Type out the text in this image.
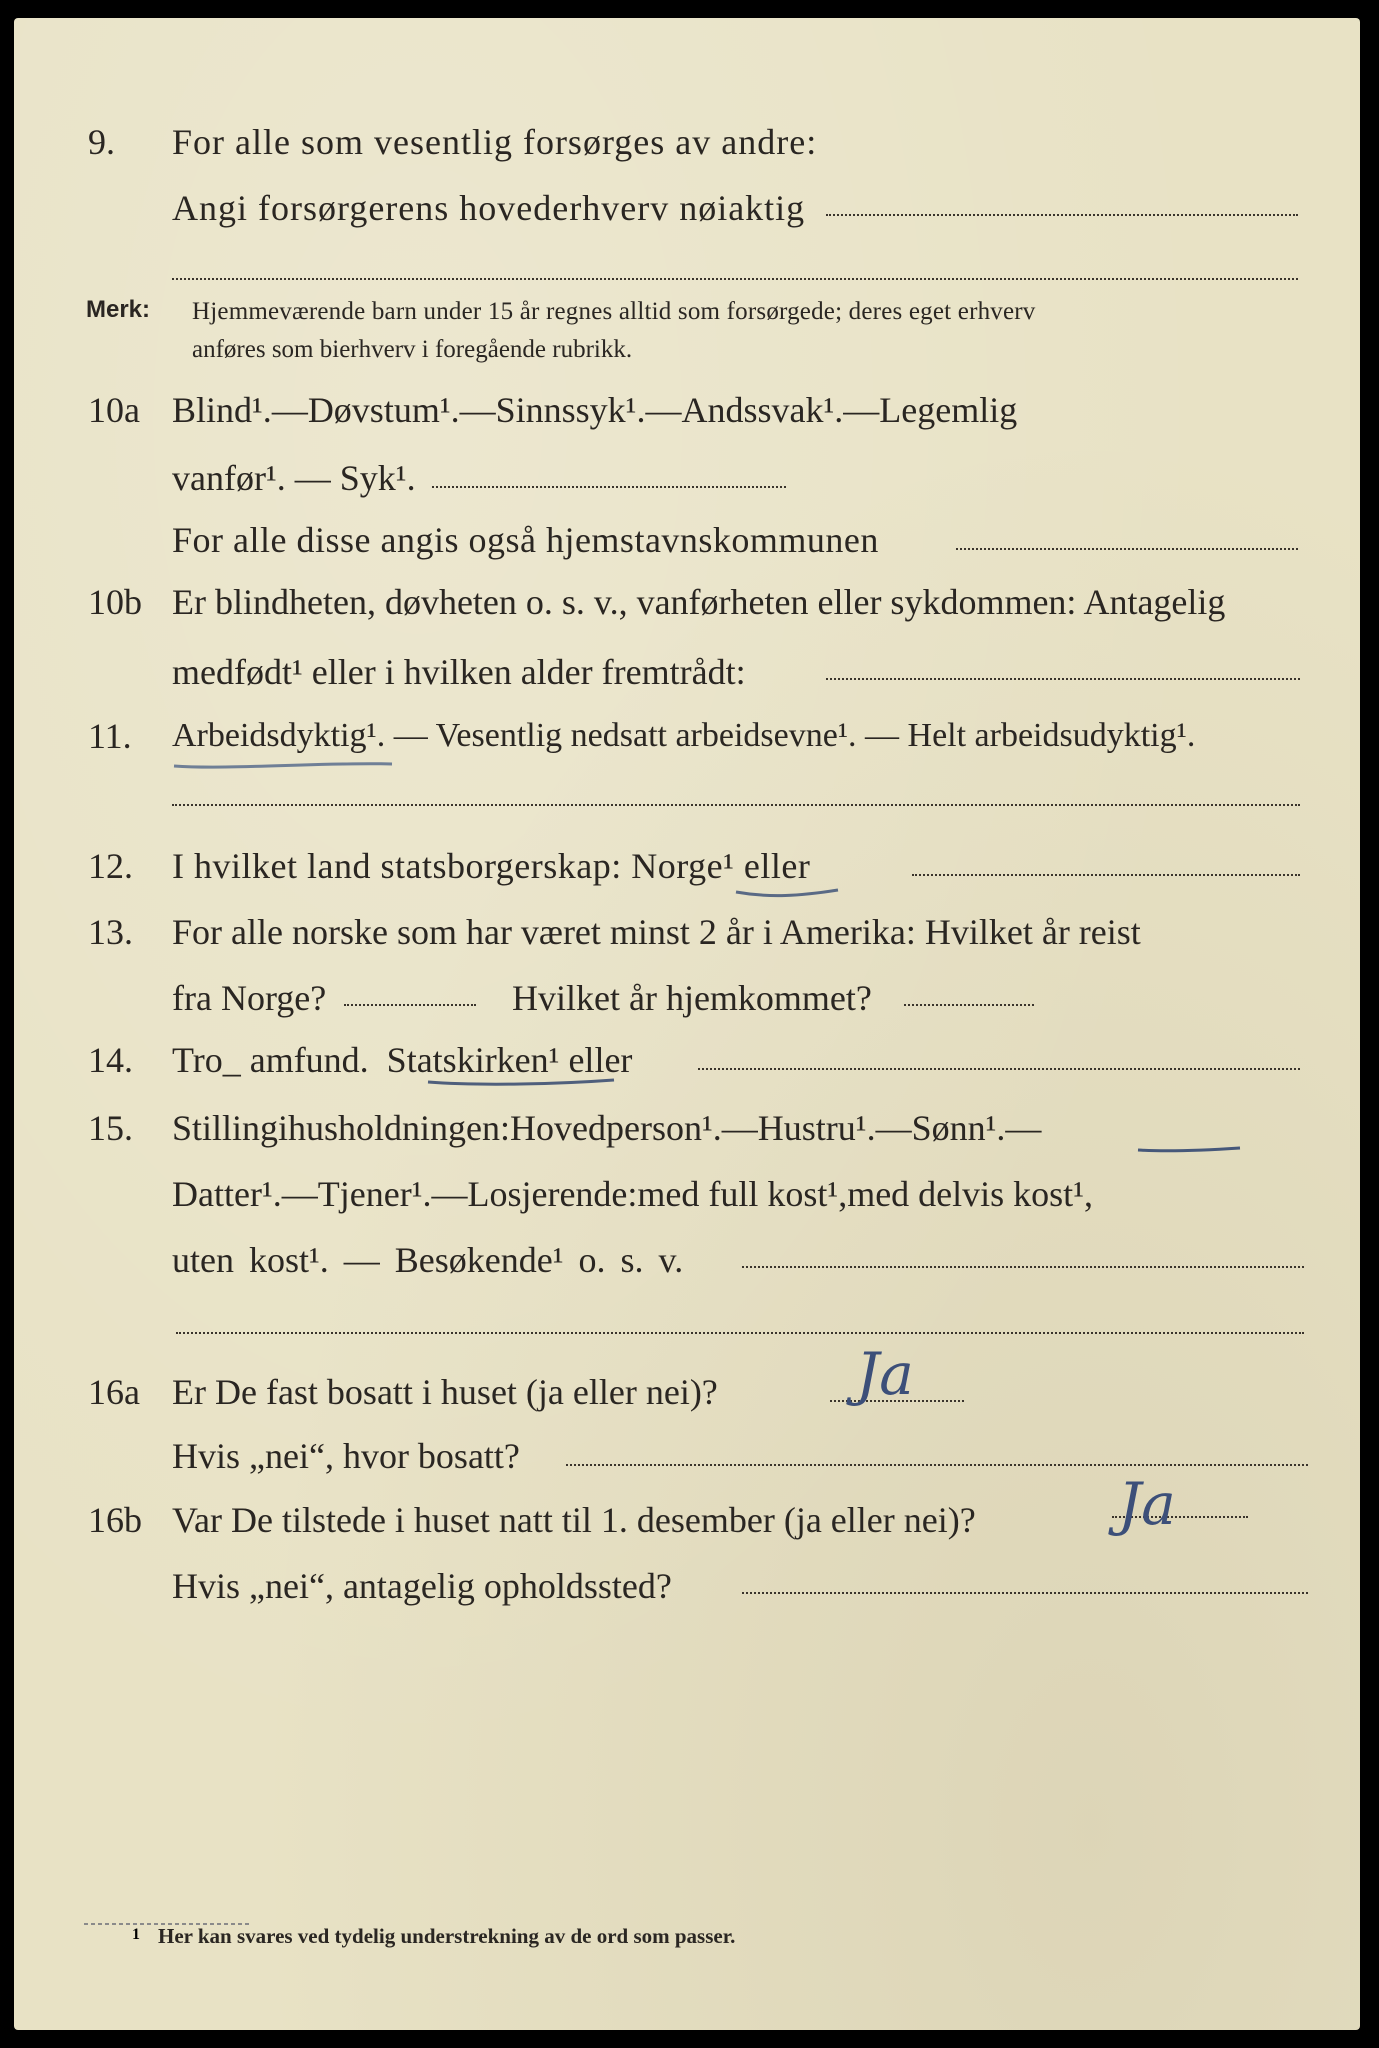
9. For alle som vesentlig forsørges av andre:
Angi forsørgerens hovederhverv nøiaktig
Merk: Hjemmeværende barn under 15 år regnes alltid som forsørgede; deres eget erhverv
anføres som bierhverv i foregående rubrikk.
10a Blind¹. — Døvstum¹. — Sinnssyk¹. — Andssvak¹. — Legemlig
vanfør¹. — Syk¹.
For alle disse angis også hjemstavnskommunen
10b Er blindheten, døvheten o. s. v., vanførheten eller sykdommen: Antagelig
medfødt¹ eller i hvilken alder fremtrådt:
11. Arbeidsdyktig¹. — Vesentlig nedsatt arbeidsevne¹. — Helt arbeidsudyktig¹.
12. I hvilket land statsborgerskap: Norge¹ eller
13. For alle norske som har været minst 2 år i Amerika: Hvilket år reist
fra Norge?	Hvilket år hjemkommet?
14. Tro_ amfund.  Statskirken¹ eller
15. Stilling i husholdningen: Hovedperson¹. — Hustru¹. — Sønn¹. —
Datter¹. — Tjener¹. — Losjerende: med full kost¹, med delvis kost¹,
uten kost¹. — Besøkende¹ o. s. v.
16a Er De fast bosatt i huset (ja eller nei)? Ja
Hvis „nei“, hvor bosatt?
16b Var De tilstede i huset natt til 1. desember (ja eller nei)? Ja
Hvis „nei“, antagelig opholdssted?
1 Her kan svares ved tydelig understrekning av de ord som passer.
